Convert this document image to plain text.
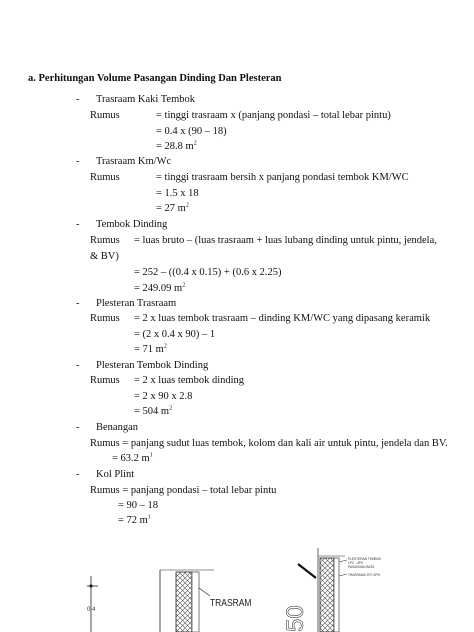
a. Perhitungan Volume Pasangan Dinding Dan Plesteran
- Trasraam Kaki Tembok
Rumus	= tinggi trasraam x (panjang pondasi – total lebar pintu)
= 0.4 x (90 – 18)
= 28.8 $m^2$
- Trasraam Km/Wc
Rumus	= tinggi trasraam bersih x panjang pondasi tembok KM/WC
= 1.5 x 18
= 27 $m^2$
- Tembok Dinding
Rumus = luas bruto – (luas trasraam + luas lubang dinding untuk pintu, jendela,
& BV)
= 252 – ((0.4 x 0.15) + (0.6 x 2.25)
= 249.09 $m^2$
- Plesteran Trasraam
Rumus = 2 x luas tembok trasraam – dinding KM/WC yang dipasang keramik
= (2 x 0.4 x 90) – 1
= 71 $m^2$
- Plesteran Tembok Dinding
Rumus = 2 x luas tembok dinding
= 2 x 90 x 2.8
= 504 $m^2$
- Benangan
Rumus = panjang sudut luas tembok, kolom dan kali air untuk pintu, jendela dan BV.
= 63.2 $m^1$
- Kol Plint
Rumus = panjang pondasi – total lebar pintu
= 90 – 18
= 72 $m^1$
0.4
TRASRAM
50
PLESTERAN TEMBOK
1PC : 4PS
PASANGAN BATA
TRASRAAM 1PC:3PS
